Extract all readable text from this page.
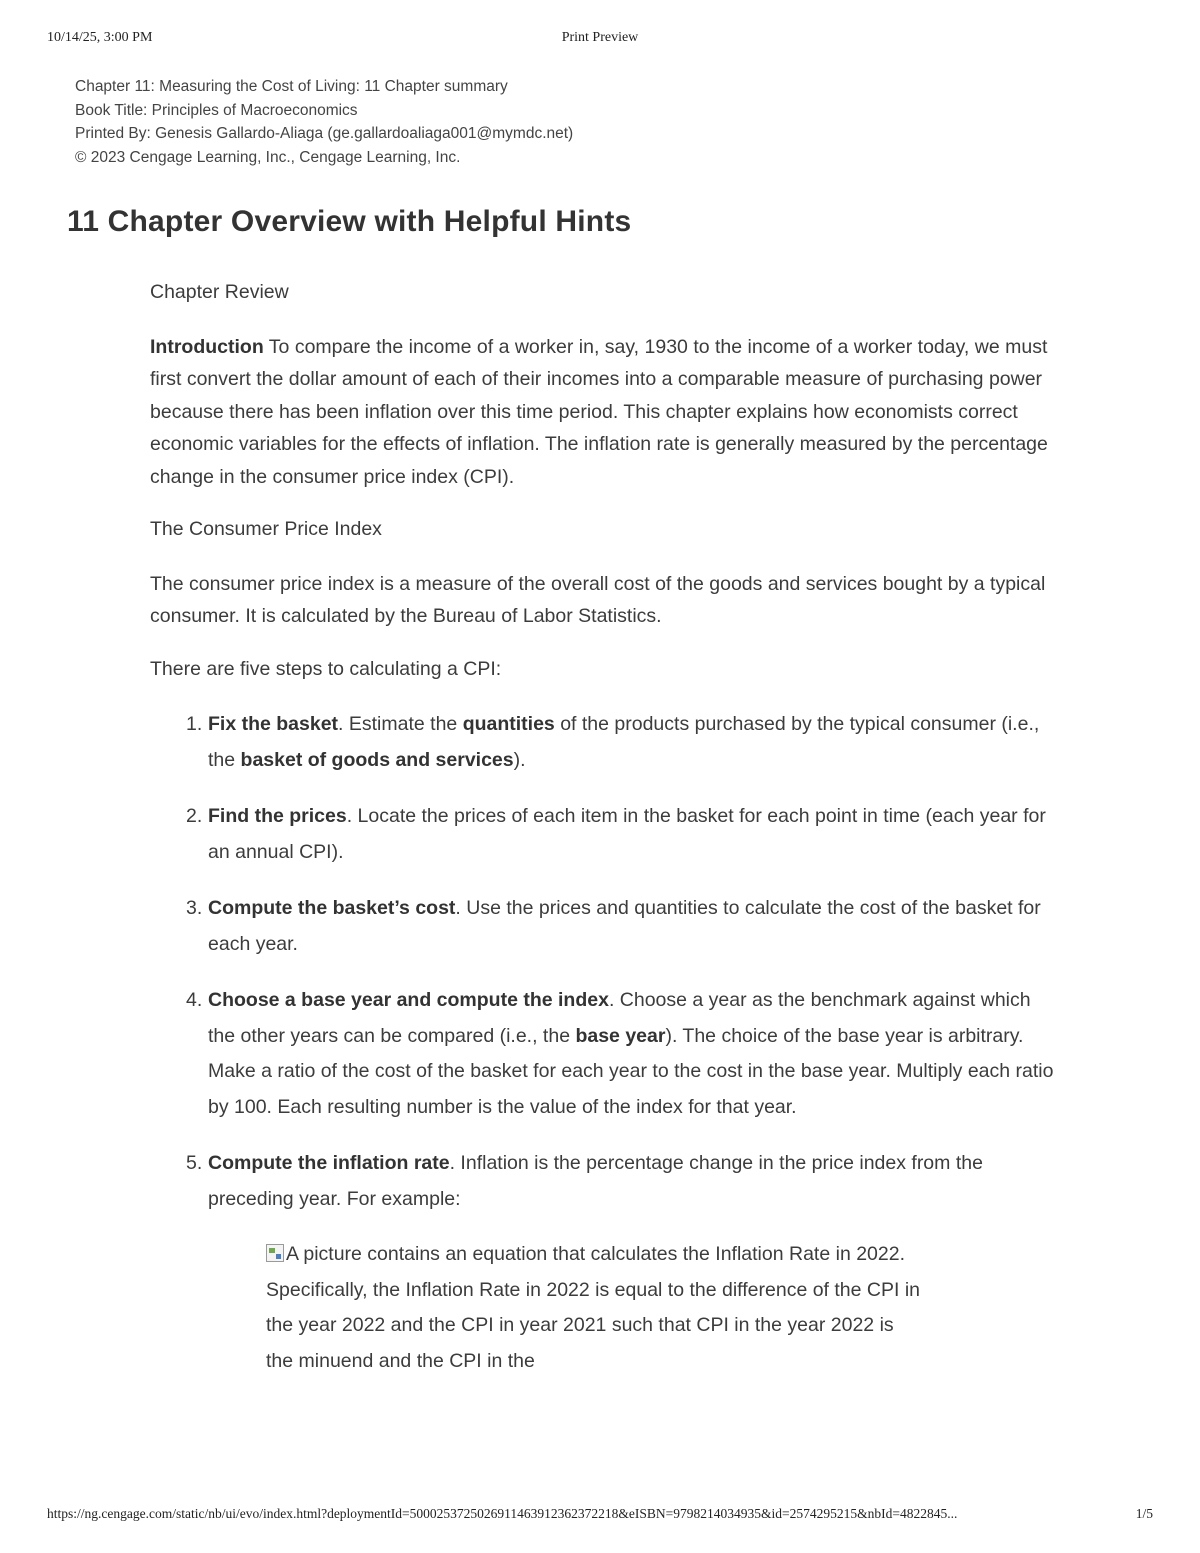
10/14/25, 3:00 PM	Print Preview
Chapter 11: Measuring the Cost of Living: 11 Chapter summary
Book Title: Principles of Macroeconomics
Printed By: Genesis Gallardo-Aliaga (ge.gallardoaliaga001@mymdc.net)
© 2023 Cengage Learning, Inc., Cengage Learning, Inc.
11 Chapter Overview with Helpful Hints

Chapter Review

Introduction To compare the income of a worker in, say, 1930 to the income of a worker today, we must first convert the dollar amount of each of their incomes into a comparable measure of purchasing power because there has been inflation over this time period. This chapter explains how economists correct economic variables for the effects of inflation. The inflation rate is generally measured by the percentage change in the consumer price index (CPI).

The Consumer Price Index

The consumer price index is a measure of the overall cost of the goods and services bought by a typical consumer. It is calculated by the Bureau of Labor Statistics.

There are five steps to calculating a CPI:

1. Fix the basket. Estimate the quantities of the products purchased by the typical consumer (i.e., the basket of goods and services).
2. Find the prices. Locate the prices of each item in the basket for each point in time (each year for an annual CPI).
3. Compute the basket’s cost. Use the prices and quantities to calculate the cost of the basket for each year.
4. Choose a base year and compute the index. Choose a year as the benchmark against which the other years can be compared (i.e., the base year). The choice of the base year is arbitrary. Make a ratio of the cost of the basket for each year to the cost in the base year. Multiply each ratio by 100. Each resulting number is the value of the index for that year.
5. Compute the inflation rate. Inflation is the percentage change in the price index from the preceding year. For example:
A picture contains an equation that calculates the Inflation Rate in 2022. Specifically, the Inflation Rate in 2022 is equal to the difference of the CPI in the year 2022 and the CPI in year 2021 such that CPI in the year 2022 is the minuend and the CPI in the
https://ng.cengage.com/static/nb/ui/evo/index.html?deploymentId=5000253725026911463912362372218&eISBN=9798214034935&id=2574295215&nbId=4822845...	1/5
